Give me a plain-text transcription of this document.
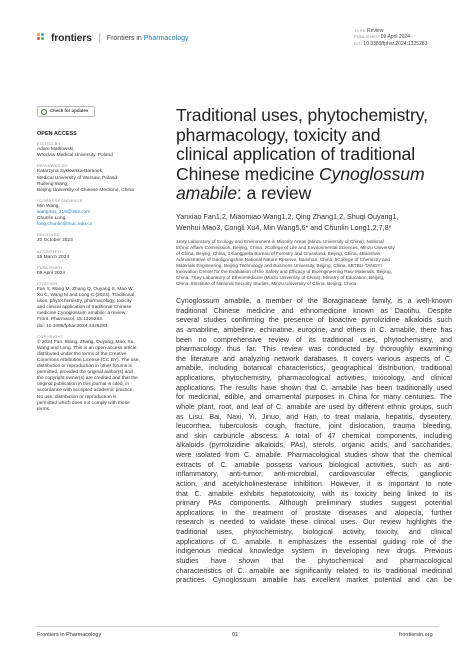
frontiers Frontiers in Pharmacology
TYPE Review
PUBLISHED 09 April 2024
DOI 10.3389/fphar.2024.1325283
Check for updates
OPEN ACCESS
EDITED BY
Adam Matkowski,
Wroclaw Medical University, Poland
REVIEWED BY
Katarzyna Sykłowska-Baranek,
Medical University of Warsaw, Poland
Ruifeng Wang,
Beijing University of Chinese Medicine, China
*CORRESPONDENCE
Min Wang,
wangmin_216@163.com
Chunlin Long,
long.chunlin@muc.edu.cn
RECEIVED
20 October 2023
ACCEPTED
25 March 2024
PUBLISHED
09 April 2024
CITATION
Fan Y, Wang M, Zhang Q, Ouyang S, Mao W,
Xu C, Wang M and Long C (2024), Traditional
uses, phytochemistry, pharmacology, toxicity
and clinical application of traditional Chinese
medicine Cynoglossum amabile: a review.
Front. Pharmacol. 15:1325283.
doi: 10.3389/fphar.2024.1325283
COPYRIGHT
© 2024 Fan, Wang, Zhang, Ouyang, Mao, Xu,
Wang and Long. This is an open-access article
distributed under the terms of the Creative
Commons Attribution License (CC BY). The use,
distribution or reproduction in other forums is
permitted, provided the original author(s) and
the copyright owner(s) are credited and that the
original publication in this journal is cited, in
accordance with accepted academic practice.
No use, distribution or reproduction is
permitted which does not comply with these
terms.
Traditional uses, phytochemistry,
pharmacology, toxicity and
clinical application of traditional
Chinese medicine Cynoglossum
amabile: a review
Yanxiao Fan1,2, Miaomiao Wang1,2, Qing Zhang1,2, Shuqi Ouyang1,
Wenhui Mao3, Congli Xu4, Min Wang5,6* and Chunlin Long1,2,7,8*
1Key Laboratory of Ecology and Environment in Minority Areas (Minzu University of China), National
Ethnic Affairs Commission, Beijing, China, 2College of Life and Environmental Sciences, Minzu University
of China, Beijing, China, 3Xiangpeilla Bureau of Forestry and Grassland, Beijing, China, 4Baoshan
Administrative of Gaoligongshan National Nature Reserve, Baoshan, China, 5College of Chemistry and
Materials Engineering, Beijing Technology and Business University, Beijing, China, 6BTBU-TANGYI
Innovation Center for the Evaluation of the Safety and Efficacy of Bioengineering Raw Materials, Beijing,
China, 7Key Laboratory of Ethnomedicine (Minzu University of China), Ministry of Education, Beijing,
China, 8Institute of National Security Studies, Minzu University of China, Beijing, China
Cynoglossum amabile, a member of the Boraginaceae family, is a well-known
traditional Chinese medicine and ethnomedicine known as Daotihu. Despite
several studies confirming the presence of bioactive pyrrolizidine alkaloids such
as amabiline, ambelline, echinatine, europine, and others in C. amabile, there has
been no comprehensive review of its traditional uses, phytochemistry, and
pharmacology thus far. This review was conducted by thoroughly examining
the literature and analyzing network databases. It covers various aspects of C.
amabile, including botanical characteristics, geographical distribution, traditional
applications, phytochemistry, pharmacological activities, toxicology, and clinical
applications. The results have shown that C. amabile has been traditionally used
for medicinal, edible, and ornamental purposes in China for many centuries. The
whole plant, root, and leaf of C. amabile are used by different ethnic groups, such
as Lisu, Bai, Naxi, Yi, Jinuo, and Han, to treat malaria, hepatitis, dysentery,
leucorrhea, tuberculosis cough, fracture, joint dislocation, trauma bleeding,
and skin carbuncle abscess. A total of 47 chemical components, including
alkaloids (pyrrolizidine alkaloids, PAs), sterols, organic acids, and saccharides,
were isolated from C. amabile. Pharmacological studies show that the chemical
extracts of C. amabile possess various biological activities, such as anti-
inflammatory, anti-tumor, anti-microbial, cardiovascular effects, ganglionic
action, and acetylcholinesterase inhibition. However, it is important to note
that C. amabile exhibits hepatotoxicity, with its toxicity being linked to its
primary PAs components. Although preliminary studies suggest potential
applications in the treatment of prostate diseases and alopecia, further
research is needed to validate these clinical uses. Our review highlights the
traditional uses, phytochemistry, biological activity, toxicity, and clinical
applications of C. amabile. It emphasizes the essential guiding role of the
indigenous medical knowledge system in developing new drugs. Previous
studies have shown that the phytochemical and pharmacological
characteristics of C. amabile are significantly related to its traditional medicinal
practices. Cynoglossum amabile has excellent market potential and can be
Frontiers in Pharmacology	01	frontiersin.org
